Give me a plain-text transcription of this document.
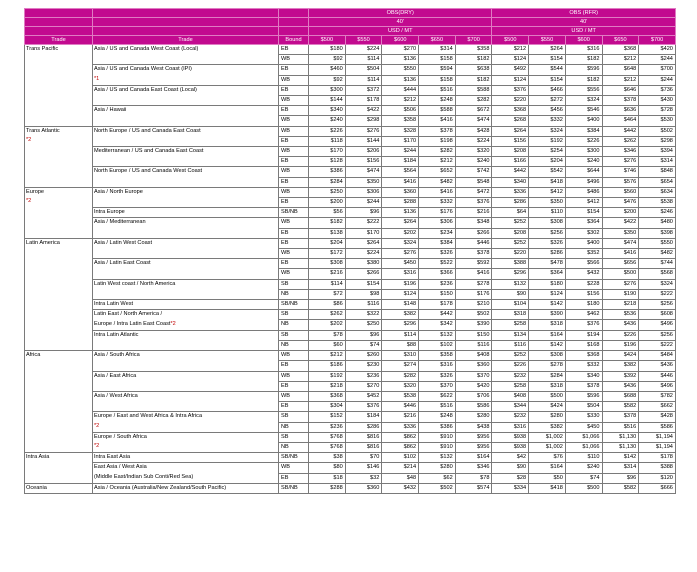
			OBS(DRY)					OBS (RFR)				
			40'					40'				
			USD / MT					USD / MT				
Trade	Trade	Bound	$500	$550	$600	$650	$700	$500	$550	$600	$650	$700

Trans Pacific	Asia / US and Canada West Coast (Local)	EB	$180	$224	$270	$314	$358	$212	$264	$316	$368	$420
		WB	$92	$114	$136	$158	$182	$124	$154	$182	$212	$244
	Asia / US and Canada West Coast (IPI)	EB	$460	$504	$550	$594	$638	$492	$544	$596	$648	$700
	*1	WB	$92	$114	$136	$158	$182	$124	$154	$182	$212	$244
	Asia / US and Canada East Coast (Local)	EB	$300	$372	$444	$516	$588	$376	$466	$556	$646	$736
		WB	$144	$178	$212	$248	$282	$220	$272	$324	$378	$430
	Asia / Hawaii	EB	$340	$422	$506	$588	$672	$368	$456	$546	$636	$728
		WB	$240	$298	$358	$416	$474	$268	$332	$400	$464	$530

Trans Atlantic
*2	North Europe / US and Canada East Coast	WB	$226	$276	$328	$378	$428	$264	$324	$384	$442	$502
		EB	$118	$144	$170	$198	$224	$156	$192	$226	$262	$298
	Mediterranean / US and Canada East Coast	WB	$170	$206	$244	$282	$320	$208	$254	$300	$346	$394
		EB	$128	$156	$184	$212	$240	$166	$204	$240	$276	$314
	North Europe / US and Canada West Coast	WB	$386	$474	$564	$652	$742	$442	$542	$644	$746	$848
		EB	$284	$350	$416	$482	$548	$340	$418	$496	$576	$654

Europe
*2	Asia / North Europe	WB	$250	$306	$360	$416	$472	$336	$412	$486	$560	$634
		EB	$200	$244	$288	$332	$376	$286	$350	$412	$476	$538
	Intra Europe	SB/NB	$56	$96	$136	$176	$216	$64	$110	$154	$200	$246
	Asia / Mediterranean	WB	$182	$222	$264	$306	$348	$252	$308	$364	$422	$480
		EB	$138	$170	$202	$234	$266	$208	$256	$302	$350	$398

Latin America	Asia / Latin West Coast	EB	$204	$264	$324	$384	$446	$252	$326	$400	$474	$550
		WB	$172	$224	$276	$326	$378	$220	$286	$352	$416	$482
	Asia / Latin East Coast	EB	$308	$380	$450	$522	$592	$388	$478	$566	$656	$744
		WB	$216	$266	$316	$366	$416	$296	$364	$432	$500	$568
	Latin West coast / North America	SB	$114	$154	$196	$236	$278	$132	$180	$228	$276	$324
		NB	$72	$98	$124	$150	$176	$90	$124	$156	$190	$222
	Intra Latin West	SB/NB	$86	$116	$148	$178	$210	$104	$142	$180	$218	$256
	Latin East / North America /	SB	$262	$322	$382	$442	$502	$318	$390	$462	$536	$608
	Europe / Intra Latin East Coast*2	NB	$202	$250	$296	$342	$390	$258	$318	$376	$436	$496
	Intra Latin Atlantic	SB	$78	$96	$114	$132	$150	$134	$164	$194	$226	$256
		NB	$60	$74	$88	$102	$116	$116	$142	$168	$196	$222

Africa	Asia / South Africa	WB	$212	$260	$310	$358	$408	$252	$308	$368	$424	$484
		EB	$186	$230	$274	$316	$360	$226	$278	$332	$382	$436
	Asia / East Africa	WB	$192	$236	$282	$326	$370	$232	$284	$340	$392	$446
		EB	$218	$270	$320	$370	$420	$258	$318	$378	$436	$496
	Asia / West Africa	WB	$368	$452	$538	$622	$706	$408	$500	$596	$688	$782
		EB	$304	$376	$446	$516	$586	$344	$424	$504	$582	$662
	Europe / East and West Africa & Intra Africa	SB	$152	$184	$216	$248	$280	$232	$280	$330	$378	$428
	*2	NB	$236	$286	$336	$386	$438	$316	$382	$450	$516	$586
	Europe / South Africa	SB	$768	$816	$862	$910	$956	$938	$1,002	$1,066	$1,130	$1,194
	*2	NB	$768	$816	$862	$910	$956	$938	$1,002	$1,066	$1,130	$1,194

Intra Asia	Intra East Asia	SB/NB	$38	$70	$102	$132	$164	$42	$76	$110	$142	$178
	East Asia / West Asia	WB	$80	$146	$214	$280	$346	$90	$164	$240	$314	$388
	(Middle East/Indian Sub Conti/Red Sea)	EB	$18	$32	$48	$62	$78	$28	$50	$74	$96	$120

Oceania	Asia / Oceania (Australia/New Zealand/South Pacific)	SB/NB	$288	$360	$432	$502	$574	$334	$418	$500	$582	$666
